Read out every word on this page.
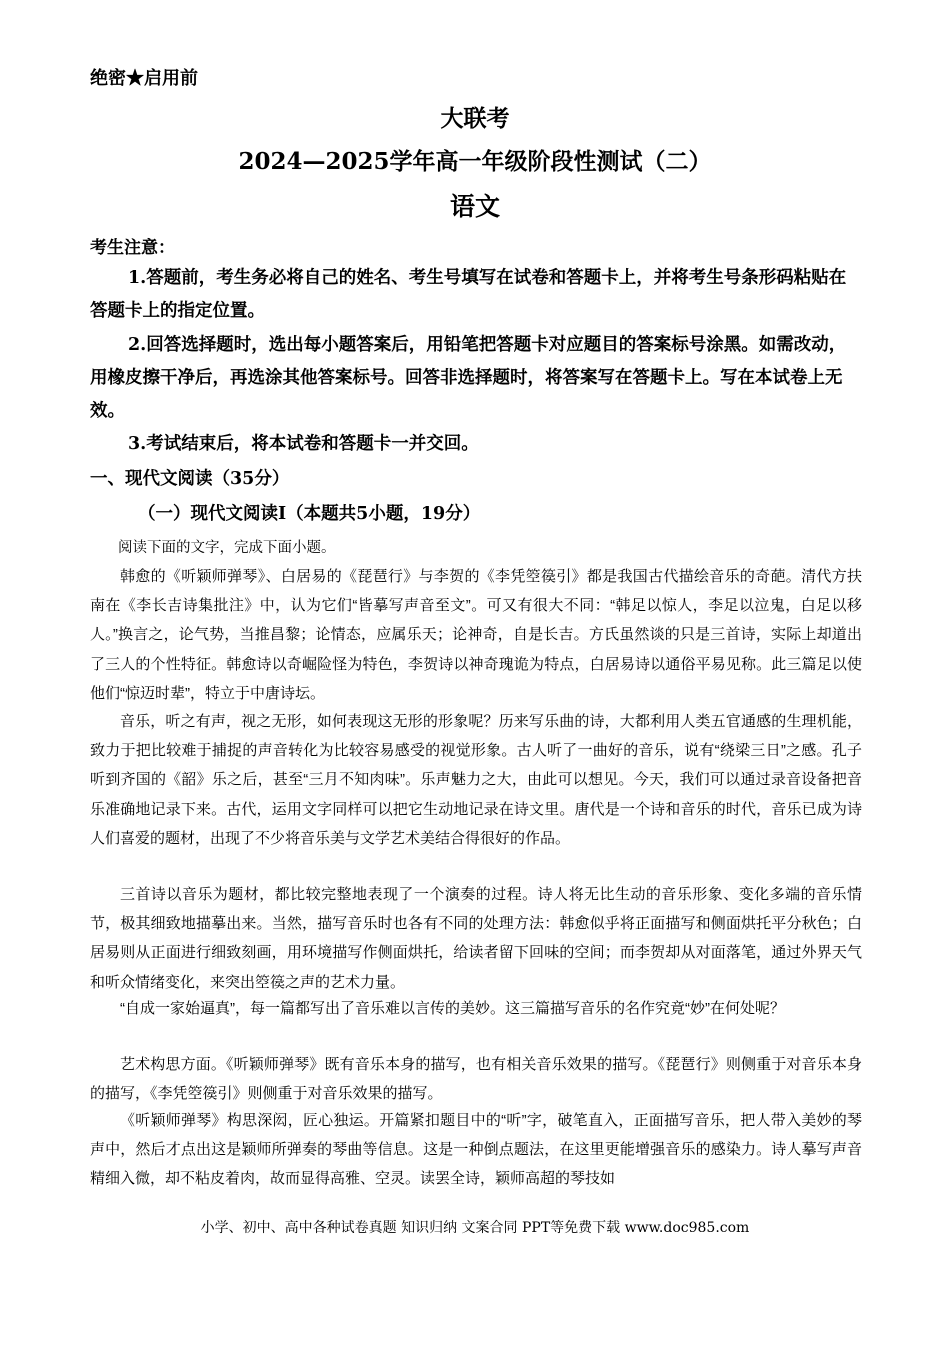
绝密★启用前
大联考
2024—2025学年高一年级阶段性测试（二）
语文
考生注意：
1.答题前，考生务必将自己的姓名、考生号填写在试卷和答题卡上，并将考生号条形码粘贴在答题卡上的指定位置。
2.回答选择题时，选出每小题答案后，用铅笔把答题卡对应题目的答案标号涂黑。如需改动，用橡皮擦干净后，再选涂其他答案标号。回答非选择题时，将答案写在答题卡上。写在本试卷上无效。
3.考试结束后，将本试卷和答题卡一并交回。
一、现代文阅读（35分）
（一）现代文阅读Ⅰ（本题共5小题，19分）
阅读下面的文字，完成下面小题。
韩愈的《听颖师弹琴》、白居易的《琵琶行》与李贺的《李凭箜篌引》都是我国古代描绘音乐的奇葩。清代方扶南在《李长吉诗集批注》中，认为它们“皆摹写声音至文”。可又有很大不同：“韩足以惊人，李足以泣鬼，白足以移人。”换言之，论气势，当推昌黎；论情态，应属乐天；论神奇，自是长吉。方氏虽然谈的只是三首诗，实际上却道出了三人的个性特征。韩愈诗以奇崛险怪为特色，李贺诗以神奇瑰诡为特点，白居易诗以通俗平易见称。此三篇足以使他们“惊迈时辈”，特立于中唐诗坛。
音乐，听之有声，视之无形，如何表现这无形的形象呢？历来写乐曲的诗，大都利用人类五官通感的生理机能，致力于把比较难于捕捉的声音转化为比较容易感受的视觉形象。古人听了一曲好的音乐，说有“绕梁三日”之感。孔子听到齐国的《韶》乐之后，甚至“三月不知肉味”。乐声魅力之大，由此可以想见。今天，我们可以通过录音设备把音乐准确地记录下来。古代，运用文字同样可以把它生动地记录在诗文里。唐代是一个诗和音乐的时代，音乐已成为诗人们喜爱的题材，出现了不少将音乐美与文学艺术美结合得很好的作品。
三首诗以音乐为题材，都比较完整地表现了一个演奏的过程。诗人将无比生动的音乐形象、变化多端的音乐情节，极其细致地描摹出来。当然，描写音乐时也各有不同的处理方法：韩愈似乎将正面描写和侧面烘托平分秋色；白居易则从正面进行细致刻画，用环境描写作侧面烘托，给读者留下回味的空间；而李贺却从对面落笔，通过外界天气和听众情绪变化，来突出箜篌之声的艺术力量。
“自成一家始逼真”，每一篇都写出了音乐难以言传的美妙。这三篇描写音乐的名作究竟“妙”在何处呢？
艺术构思方面。《听颖师弹琴》既有音乐本身的描写，也有相关音乐效果的描写。《琵琶行》则侧重于对音乐本身的描写，《李凭箜篌引》则侧重于对音乐效果的描写。
《听颖师弹琴》构思深闳，匠心独运。开篇紧扣题目中的“听”字，破笔直入，正面描写音乐，把人带入美妙的琴声中，然后才点出这是颖师所弹奏的琴曲等信息。这是一种倒点题法，在这里更能增强音乐的感染力。诗人摹写声音精细入微，却不粘皮着肉，故而显得高雅、空灵。读罢全诗，颖师高超的琴技如
小学、初中、高中各种试卷真题 知识归纳 文案合同 PPT等免费下载 www.doc985.com
